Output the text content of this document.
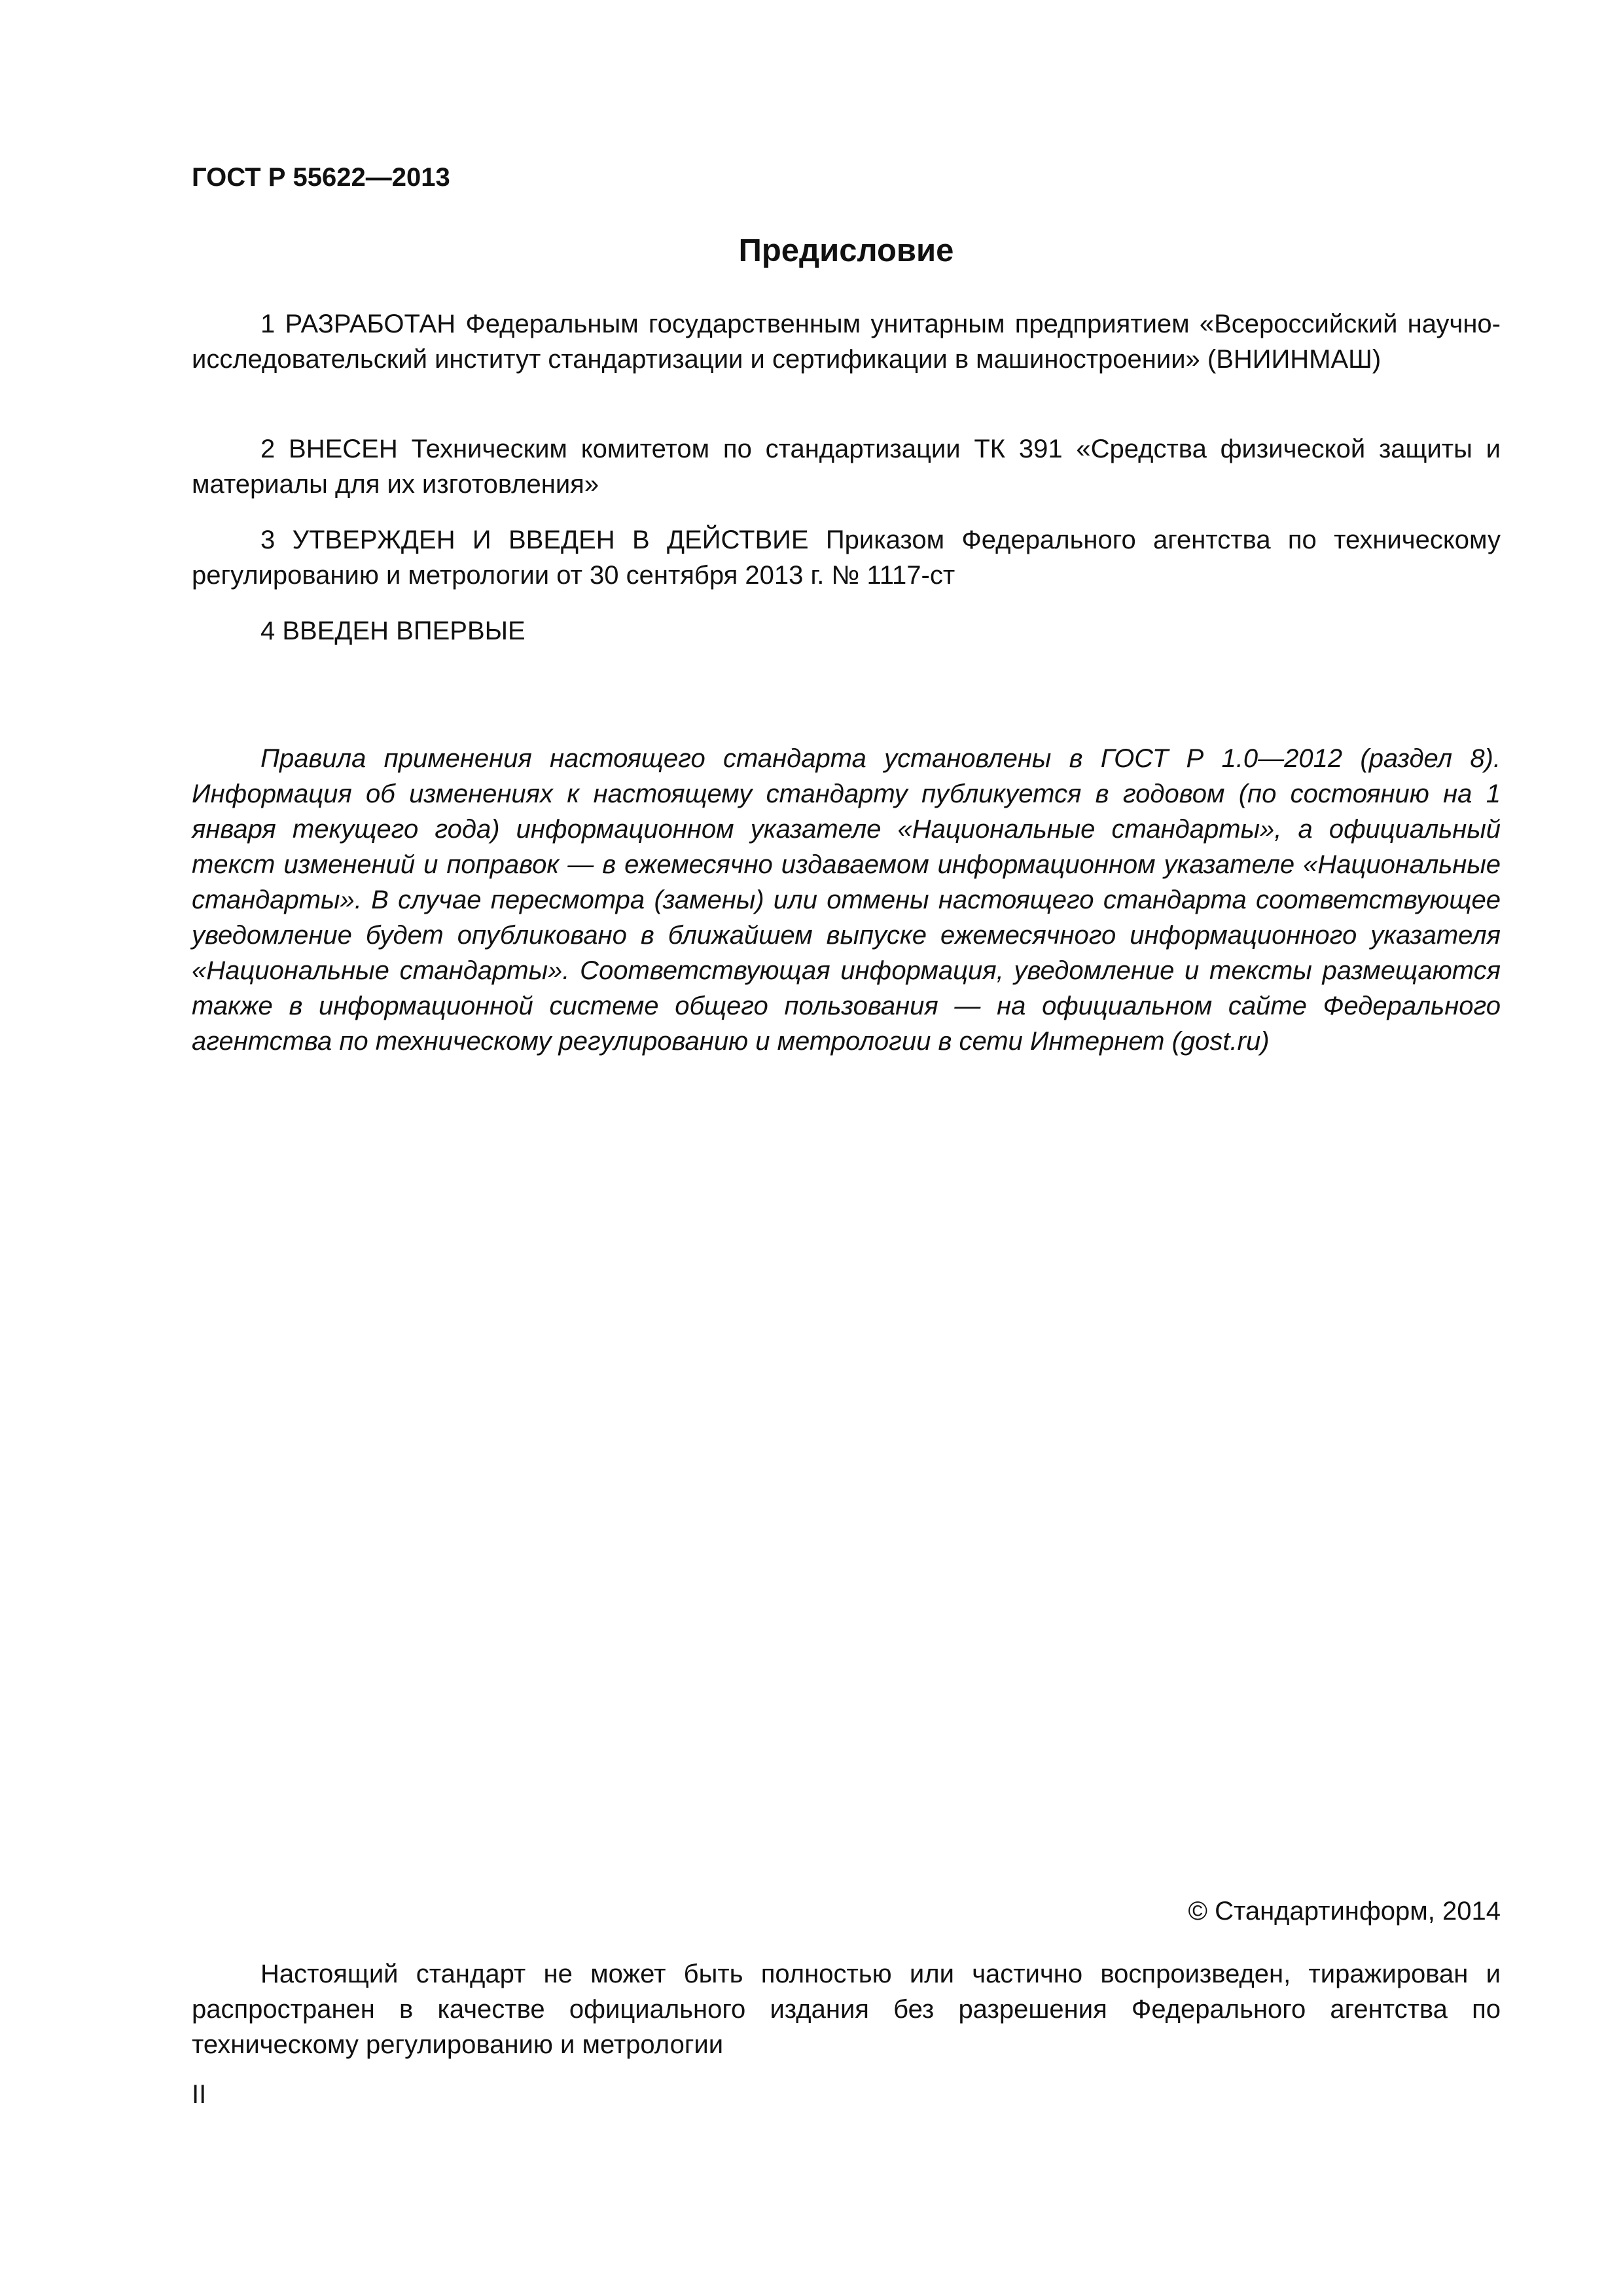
ГОСТ Р 55622—2013
Предисловие

1 РАЗРАБОТАН Федеральным государственным унитарным предприятием «Всероссийский научно-исследовательский институт стандартизации и сертификации в машиностроении» (ВНИИНМАШ)

2 ВНЕСЕН Техническим комитетом по стандартизации ТК 391 «Средства физической защиты и материалы для их изготовления»

3 УТВЕРЖДЕН И ВВЕДЕН В ДЕЙСТВИЕ Приказом Федерального агентства по техническому регулированию и метрологии от 30 сентября 2013 г. № 1117-ст

4 ВВЕДЕН ВПЕРВЫЕ

Правила применения настоящего стандарта установлены в ГОСТ Р 1.0—2012 (раздел 8). Информация об изменениях к настоящему стандарту публикуется в годовом (по состоянию на 1 января текущего года) информационном указателе «Национальные стандарты», а официальный текст изменений и поправок — в ежемесячно издаваемом информационном указателе «Национальные стандарты». В случае пересмотра (замены) или отмены настоящего стандарта соответствующее уведомление будет опубликовано в ближайшем выпуске ежемесячного информационного указателя «Национальные стандарты». Соответствующая информация, уведомление и тексты размещаются также в информационной системе общего пользования — на официальном сайте Федерального агентства по техническому регулированию и метрологии в сети Интернет (gost.ru)

© Стандартинформ, 2014

Настоящий стандарт не может быть полностью или частично воспроизведен, тиражирован и распространен в качестве официального издания без разрешения Федерального агентства по техническому регулированию и метрологии

II
